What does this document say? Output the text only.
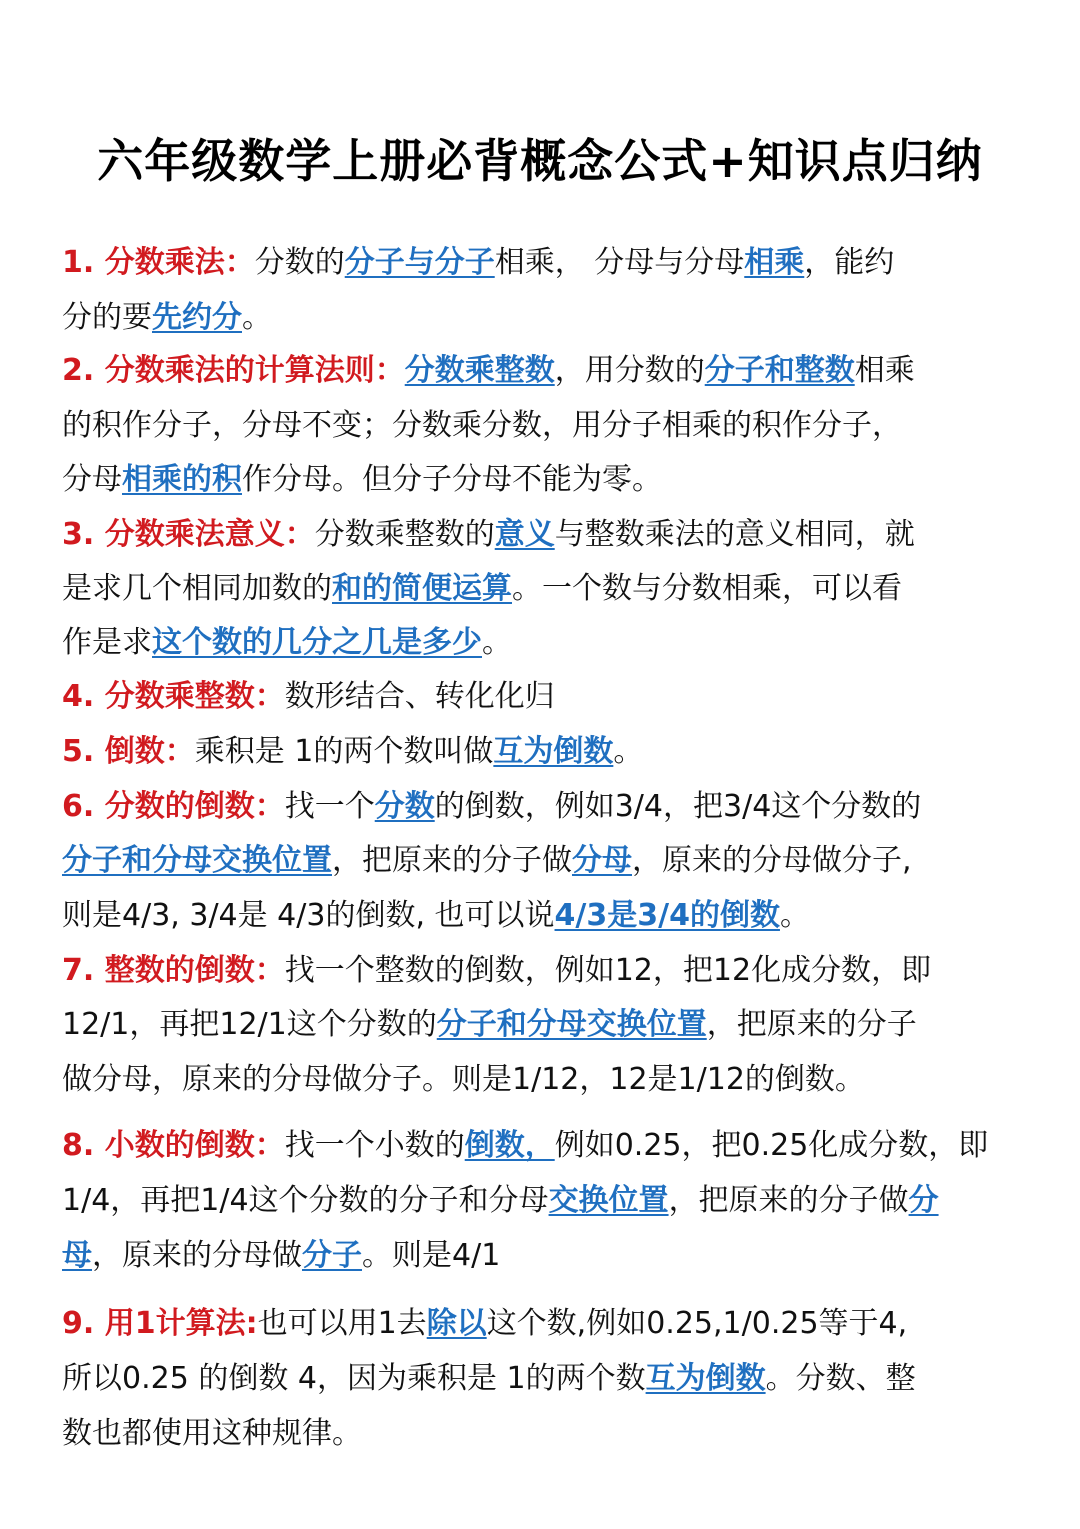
六年级数学上册必背概念公式+知识点归纳
1. 分数乘法：分数的分子与分子相乘， 分母与分母相乘，能约
分的要先约分。
2. 分数乘法的计算法则：分数乘整数，用分数的分子和整数相乘
的积作分子，分母不变；分数乘分数，用分子相乘的积作分子，
分母相乘的积作分母。但分子分母不能为零。
3. 分数乘法意义：分数乘整数的意义与整数乘法的意义相同，就
是求几个相同加数的和的简便运算。一个数与分数相乘，可以看
作是求这个数的几分之几是多少。
4. 分数乘整数：数形结合、转化化归
5. 倒数：乘积是 1的两个数叫做互为倒数。
6. 分数的倒数：找一个分数的倒数，例如3/4，把3/4这个分数的
分子和分母交换位置，把原来的分子做分母，原来的分母做分子,
则是4/3, 3/4是 4/3的倒数, 也可以说4/3是3/4的倒数。
7. 整数的倒数：找一个整数的倒数，例如12，把12化成分数，即
12/1，再把12/1这个分数的分子和分母交换位置，把原来的分子
做分母，原来的分母做分子。则是1/12，12是1/12的倒数。
8. 小数的倒数：找一个小数的倒数，例如0.25，把0.25化成分数，即
1/4，再把1/4这个分数的分子和分母交换位置，把原来的分子做分
母，原来的分母做分子。则是4/1
9. 用1计算法:也可以用1去除以这个数,例如0.25,1/0.25等于4,
所以0.25 的倒数 4，因为乘积是 1的两个数互为倒数。分数、整
数也都使用这种规律。
